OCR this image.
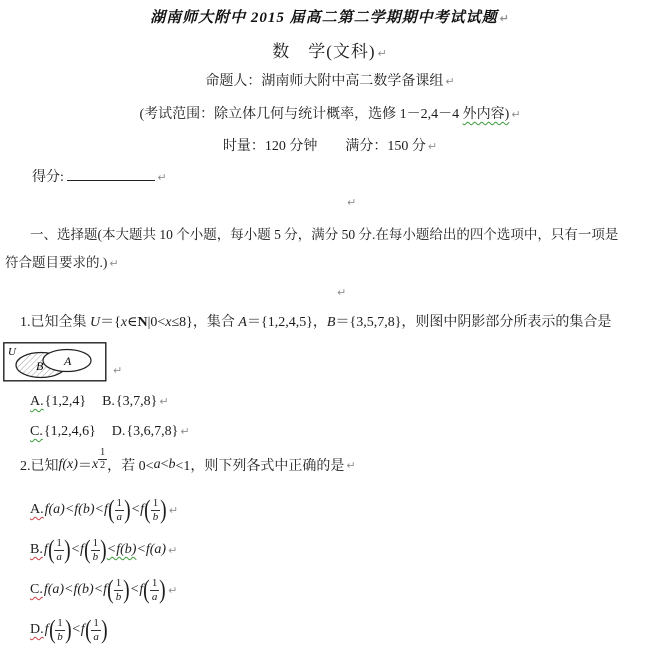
湖南师大附中 2015 届高二第二学期期中考试试题 ↵
数　学(文科) ↵
命题人：湖南师大附中高二数学备课组 ↵
(考试范围：除立体几何与统计概率，选修 1－2,4－4 外内容) ↵
时量：120 分钟　　满分：150 分 ↵
得分:	↵
↵
一、选择题(本大题共 10 个小题，每小题 5 分，满分 50 分.在每小题给出的四个选项中，只有一项是
符合题目要求的.) ↵
↵
1.已知全集 U＝{x∈N|0<x≤8}，集合 A＝{1,2,4,5}，B＝{3,5,7,8}，则图中阴影部分所表示的集合是
U
B A
↵
A.{1,2,4} B.{3,7,8} ↵
C.{1,2,4,6} D.{3,6,7,8} ↵
2.已知 f(x) ＝ x $\frac{1}{2}$ ，若 0< a < b <1，则下列各式中正确的是 ↵
A. f(a)<f(b)<f ( $\frac{1}{a}$ ) <f ( $\frac{1}{b}$ ) ↵
B. f ( $\frac{1}{a}$ ) <f ( $\frac{1}{b}$ ) <f(b) <f(a) ↵
C. f(a)<f(b)<f ( $\frac{1}{b}$ ) <f ( $\frac{1}{a}$ ) ↵
D. f ( $\frac{1}{b}$ ) <f ( $\frac{1}{a}$ )
